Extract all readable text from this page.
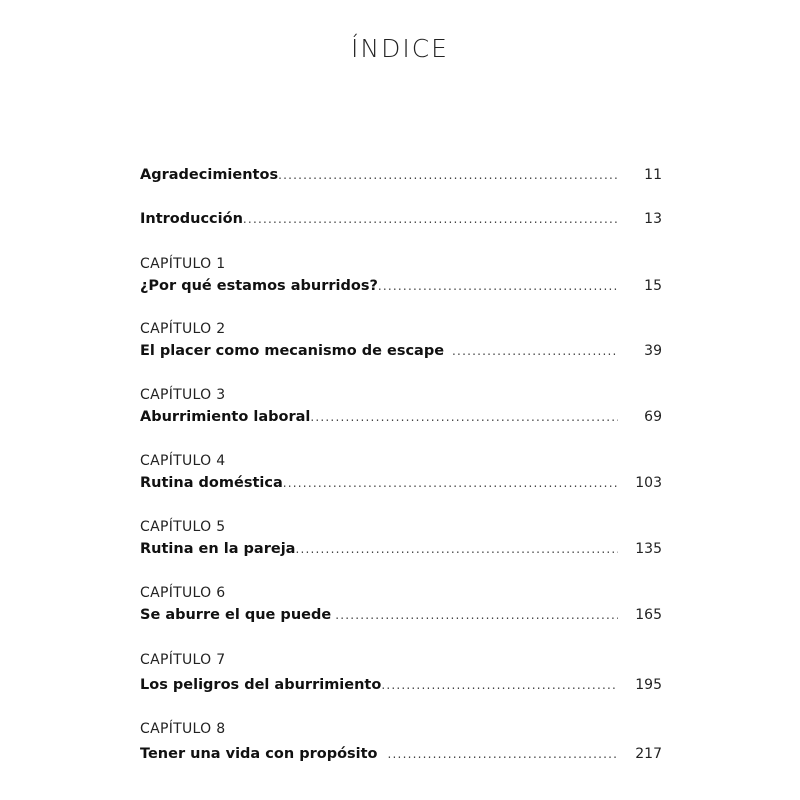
ÍNDICE
Agradecimientos .....	11
Introducción .....	13
CAPÍTULO 1
¿Por qué estamos aburridos? .....	15
CAPÍTULO 2
El placer como mecanismo de escape .....	39
CAPÍTULO 3
Aburrimiento laboral .....	69
CAPÍTULO 4
Rutina doméstica .....	103
CAPÍTULO 5
Rutina en la pareja .....	135
CAPÍTULO 6
Se aburre el que puede .....	165
CAPÍTULO 7
Los peligros del aburrimiento .....	195
CAPÍTULO 8
Tener una vida con propósito .....	217
